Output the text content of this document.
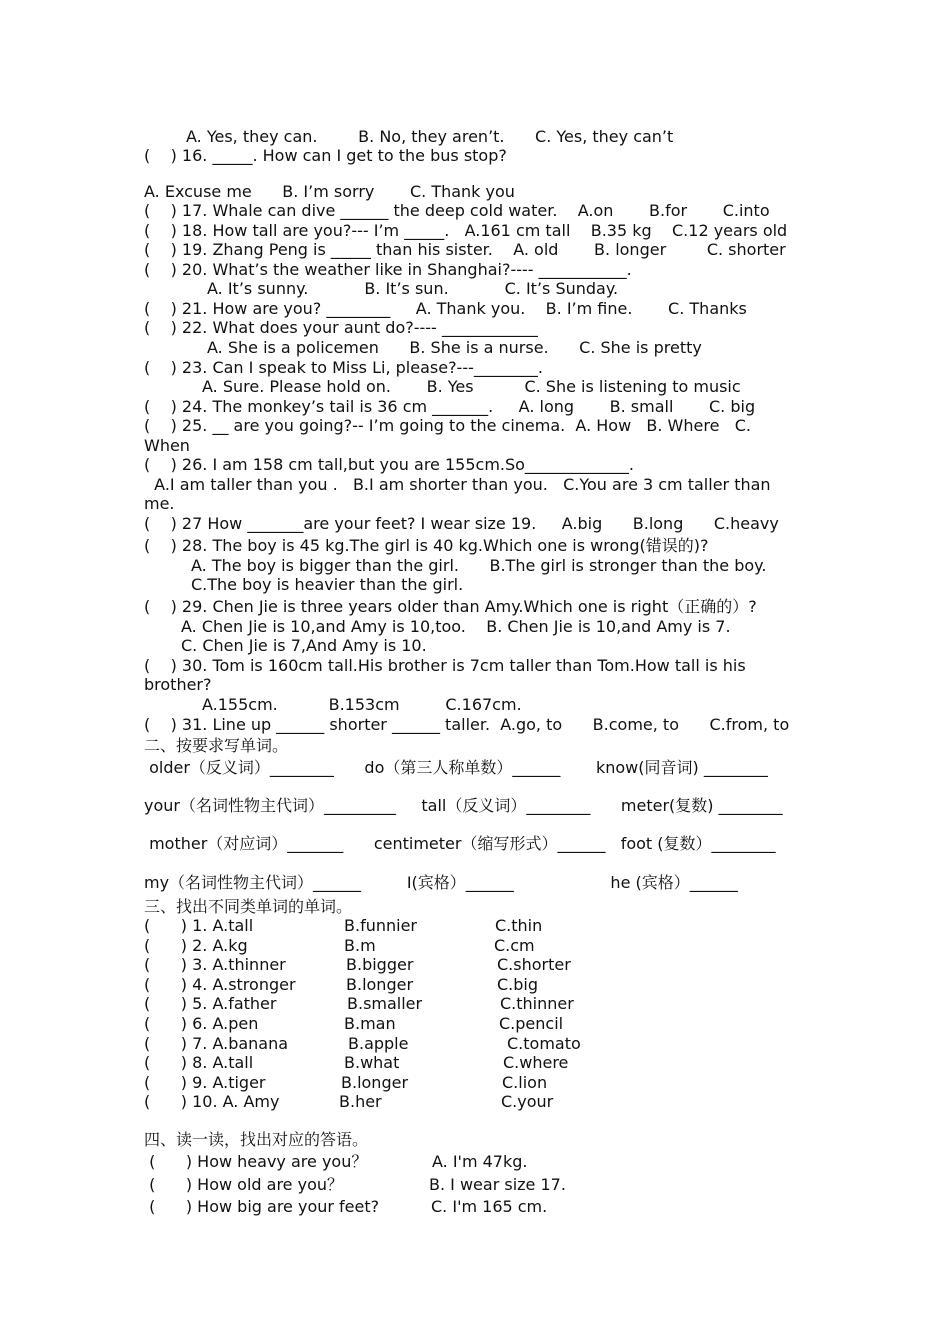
A. Yes, they can.        B. No, they aren’t.      C. Yes, they can’t
(    ) 16. _____. How can I get to the bus stop?
A. Excuse me      B. I’m sorry       C. Thank you
(    ) 17. Whale can dive ______ the deep cold water.    A.on       B.for       C.into
(    ) 18. How tall are you?--- I’m _____.   A.161 cm tall    B.35 kg    C.12 years old
(    ) 19. Zhang Peng is _____ than his sister.    A. old       B. longer        C. shorter
(    ) 20. What’s the weather like in Shanghai?---- ___________.
A. It’s sunny.           B. It’s sun.           C. It’s Sunday.
(    ) 21. How are you? ________     A. Thank you.    B. I’m fine.       C. Thanks
(    ) 22. What does your aunt do?---- ____________
A. She is a policemen      B. She is a nurse.      C. She is pretty
(    ) 23. Can I speak to Miss Li, please?---________.
A. Sure. Please hold on.       B. Yes          C. She is listening to music
(    ) 24. The monkey’s tail is 36 cm _______.     A. long       B. small       C. big
(    ) 25. __ are you going?-- I’m going to the cinema.  A. How   B. Where   C.
When
(    ) 26. I am 158 cm tall,but you are 155cm.So_____________.
A.I am taller than you .   B.I am shorter than you.   C.You are 3 cm taller than
me.
(    ) 27 How _______are your feet? I wear size 19.     A.big      B.long      C.heavy
(    ) 28. The boy is 45 kg.The girl is 40 kg.Which one is wrong(错误的)?
A. The boy is bigger than the girl.      B.The girl is stronger than the boy.
C.The boy is heavier than the girl.
(    ) 29. Chen Jie is three years older than Amy.Which one is right（正确的）?
A. Chen Jie is 10,and Amy is 10,too.    B. Chen Jie is 10,and Amy is 7.
C. Chen Jie is 7,And Amy is 10.
(    ) 30. Tom is 160cm tall.His brother is 7cm taller than Tom.How tall is his
brother?
A.155cm.          B.153cm         C.167cm.
(    ) 31. Line up ______ shorter ______ taller.  A.go, to      B.come, to      C.from, to
二、按要求写单词。
older（反义词）________      do（第三人称单数）______       know(同音词) ________
your（名词性物主代词）_________     tall（反义词）________      meter(复数) ________
mother（对应词）_______      centimeter（缩写形式）______   foot (复数）________
my（名词性物主代词）______         I(宾格）______                   he (宾格）______
三、找出不同类单词的单词。
(      ) 1. A.tall	B.funnier	C.thin
(      ) 2. A.kg	B.m	C.cm
(      ) 3. A.thinner	B.bigger	C.shorter
(      ) 4. A.stronger	B.longer	C.big
(      ) 5. A.father	B.smaller	C.thinner
(      ) 6. A.pen	B.man	C.pencil
(      ) 7. A.banana	B.apple	C.tomato
(      ) 8. A.tall	B.what	C.where
(      ) 9. A.tiger	B.longer	C.lion
(      ) 10. A. Amy	B.her	C.your
四、读一读，找出对应的答语。
(      ) How heavy are you？	A. I'm 47kg.
(      ) How old are you？	B. I wear size 17.
(      ) How big are your feet?	C. I'm 165 cm.
